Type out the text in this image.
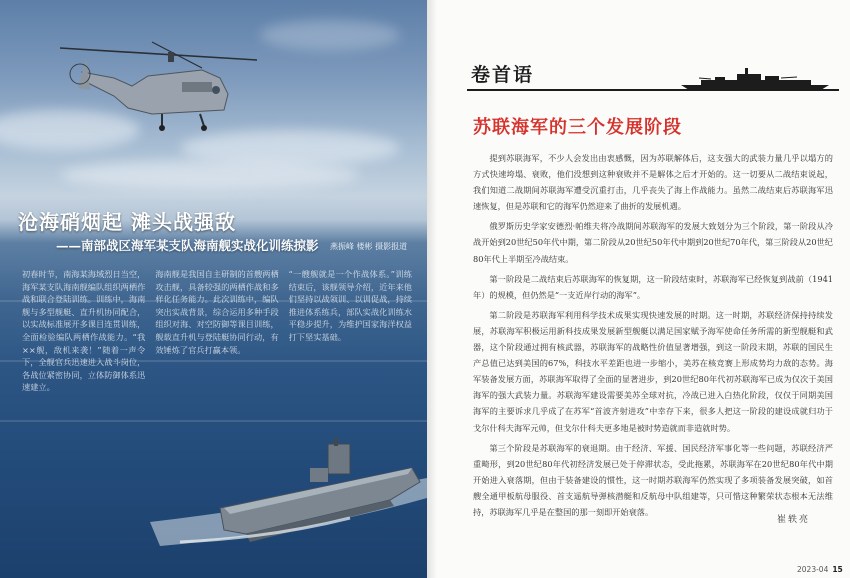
沧海硝烟起 滩头战强敌
——南部战区海军某支队海南舰实战化训练掠影 燕振峰 楼彬 摄影报道
初春时节，南海某海域烈日当空，海军某支队海南舰编队组织两栖作战和联合登陆训练。训练中，海南舰与多型舰艇、直升机协同配合，以实战标准展开多课目连贯训练，全面检验编队两栖作战能力。“我××舰，敌机来袭！”随着一声令下，全舰官兵迅速进入战斗岗位，各战位紧密协同，立体防御体系迅速建立。
海南舰是我国自主研制的首艘两栖攻击舰，具备较强的两栖作战和多样化任务能力。此次训练中，编队突出实战背景，综合运用多种手段组织对海、对空防御等课目训练，舰载直升机与登陆艇协同行动，有效锤炼了官兵打赢本领。
“一艘舰就是一个作战体系。”训练结束后，该舰领导介绍，近年来他们坚持以战领训、以训促战，持续推进体系练兵，部队实战化训练水平稳步提升，为维护国家海洋权益打下坚实基础。
卷首语
苏联海军的三个发展阶段

提到苏联海军，不少人会发出由衷感慨，因为苏联解体后，这支强大的武装力量几乎以塌方的方式快速垮塌、衰败，他们没想到这种衰败并不是解体之后才开始的。这一切要从二战结束说起，我们知道二战期间苏联海军遭受沉重打击，几乎丧失了海上作战能力。虽然二战结束后苏联海军迅速恢复，但是苏联和它的海军仍然迎来了曲折的发展机遇。

俄罗斯历史学家安德烈·帕维夫将冷战期间苏联海军的发展大致划分为三个阶段，第一阶段从冷战开始到20世纪50年代中期，第二阶段从20世纪50年代中期到20世纪70年代，第三阶段从20世纪80年代上半期至冷战结束。

第一阶段是二战结束后苏联海军的恢复期，这一阶段结束时，苏联海军已经恢复到战前（1941年）的规模，但仍然是“一支近岸行动的海军”。

第二阶段是苏联海军利用科学技术成果实现快速发展的时期。这一时期，苏联经济保持持续发展，苏联海军积极运用新科技成果发展新型舰艇以满足国家赋予海军使命任务所需的新型舰艇和武器，这个阶段通过拥有核武器，苏联海军的战略性价值显著增强，到这一阶段末期，苏联的国民生产总值已达到美国的67%，科技水平差距也进一步缩小，美苏在核竞赛上形成势均力敌的态势。海军装备发展方面，苏联海军取得了全面的显著进步，到20世纪80年代初苏联海军已成为仅次于美国海军的强大武装力量。苏联海军建设需要美苏全球对抗，冷战已进入白热化阶段，仅仅于同期美国海军的主要诉求几乎成了在苏军“首波齐射进攻”中幸存下来，很多人把这一阶段的建设成就归功于戈尔什科夫海军元帅，但戈尔什科夫更多地是被时势造就而非造就时势。

第三个阶段是苏联海军的衰退期。由于经济、军援、国民经济军事化等一些问题，苏联经济严重畸形，到20世纪80年代初经济发展已处于停滞状态，受此拖累，苏联海军在20世纪80年代中期开始进入衰落期，但由于装备建设的惯性，这一时期苏联海军仍然实现了多项装备发展突破，如首艘全通甲板航母服役、首支遥航导弹核潜艇和反航母中队组建等，只可惜这种繁荣状态根本无法维持，苏联海军几乎是在整国的那一刻即开始衰落。

崔轶亮
2023-04 15
